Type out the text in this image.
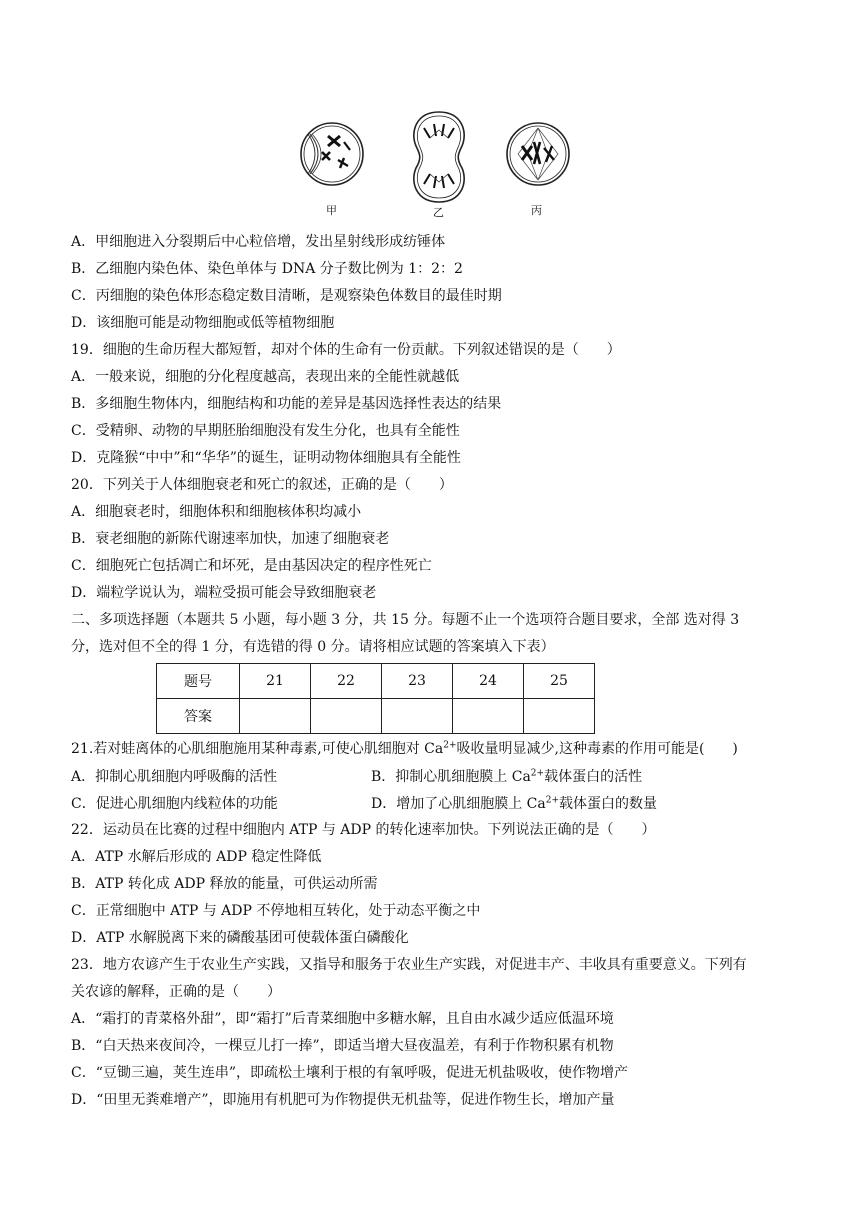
甲	乙	丙
A．甲细胞进入分裂期后中心粒倍增，发出星射线形成纺锤体
B．乙细胞内染色体、染色单体与 DNA 分子数比例为 1：2：2
C．丙细胞的染色体形态稳定数目清晰，是观察染色体数目的最佳时期
D．该细胞可能是动物细胞或低等植物细胞
19．细胞的生命历程大都短暂，却对个体的生命有一份贡献。下列叙述错误的是（　　）
A．一般来说，细胞的分化程度越高，表现出来的全能性就越低
B．多细胞生物体内，细胞结构和功能的差异是基因选择性表达的结果
C．受精卵、动物的早期胚胎细胞没有发生分化，也具有全能性
D．克隆猴“中中”和“华华”的诞生，证明动物体细胞具有全能性
20．下列关于人体细胞衰老和死亡的叙述，正确的是（　　）
A．细胞衰老时，细胞体积和细胞核体积均减小
B．衰老细胞的新陈代谢速率加快，加速了细胞衰老
C．细胞死亡包括凋亡和坏死，是由基因决定的程序性死亡
D．端粒学说认为，端粒受损可能会导致细胞衰老
二、多项选择题（本题共 5 小题，每小题 3 分，共 15 分。每题不止一个选项符合题目要求，全部 选对得 3
分，选对但不全的得 1 分，有选错的得 0 分。请将相应试题的答案填入下表）
题号	21	22	23	24	25
答案					
21.若对蛙离体的心肌细胞施用某种毒素,可使心肌细胞对 $Ca^{2+}$吸收量明显减少,这种毒素的作用可能是(　　)
A．抑制心肌细胞内呼吸酶的活性	B．抑制心肌细胞膜上 $Ca^{2+}$载体蛋白的活性
C．促进心肌细胞内线粒体的功能	D．增加了心肌细胞膜上 $Ca^{2+}$载体蛋白的数量
22．运动员在比赛的过程中细胞内 ATP 与 ADP 的转化速率加快。下列说法正确的是（　　）
A．ATP 水解后形成的 ADP 稳定性降低
B．ATP 转化成 ADP 释放的能量，可供运动所需
C．正常细胞中 ATP 与 ADP 不停地相互转化，处于动态平衡之中
D．ATP 水解脱离下来的磷酸基团可使载体蛋白磷酸化
23．地方农谚产生于农业生产实践，又指导和服务于农业生产实践，对促进丰产、丰收具有重要意义。下列有
关农谚的解释，正确的是（　　）
A．“霜打的青菜格外甜”，即“霜打”后青菜细胞中多糖水解，且自由水减少适应低温环境
B．“白天热来夜间冷，一棵豆儿打一捧”，即适当增大昼夜温差，有利于作物积累有机物
C．“豆锄三遍，荚生连串”，即疏松土壤利于根的有氧呼吸，促进无机盐吸收，使作物增产
D．“田里无粪难增产”，即施用有机肥可为作物提供无机盐等，促进作物生长，增加产量
